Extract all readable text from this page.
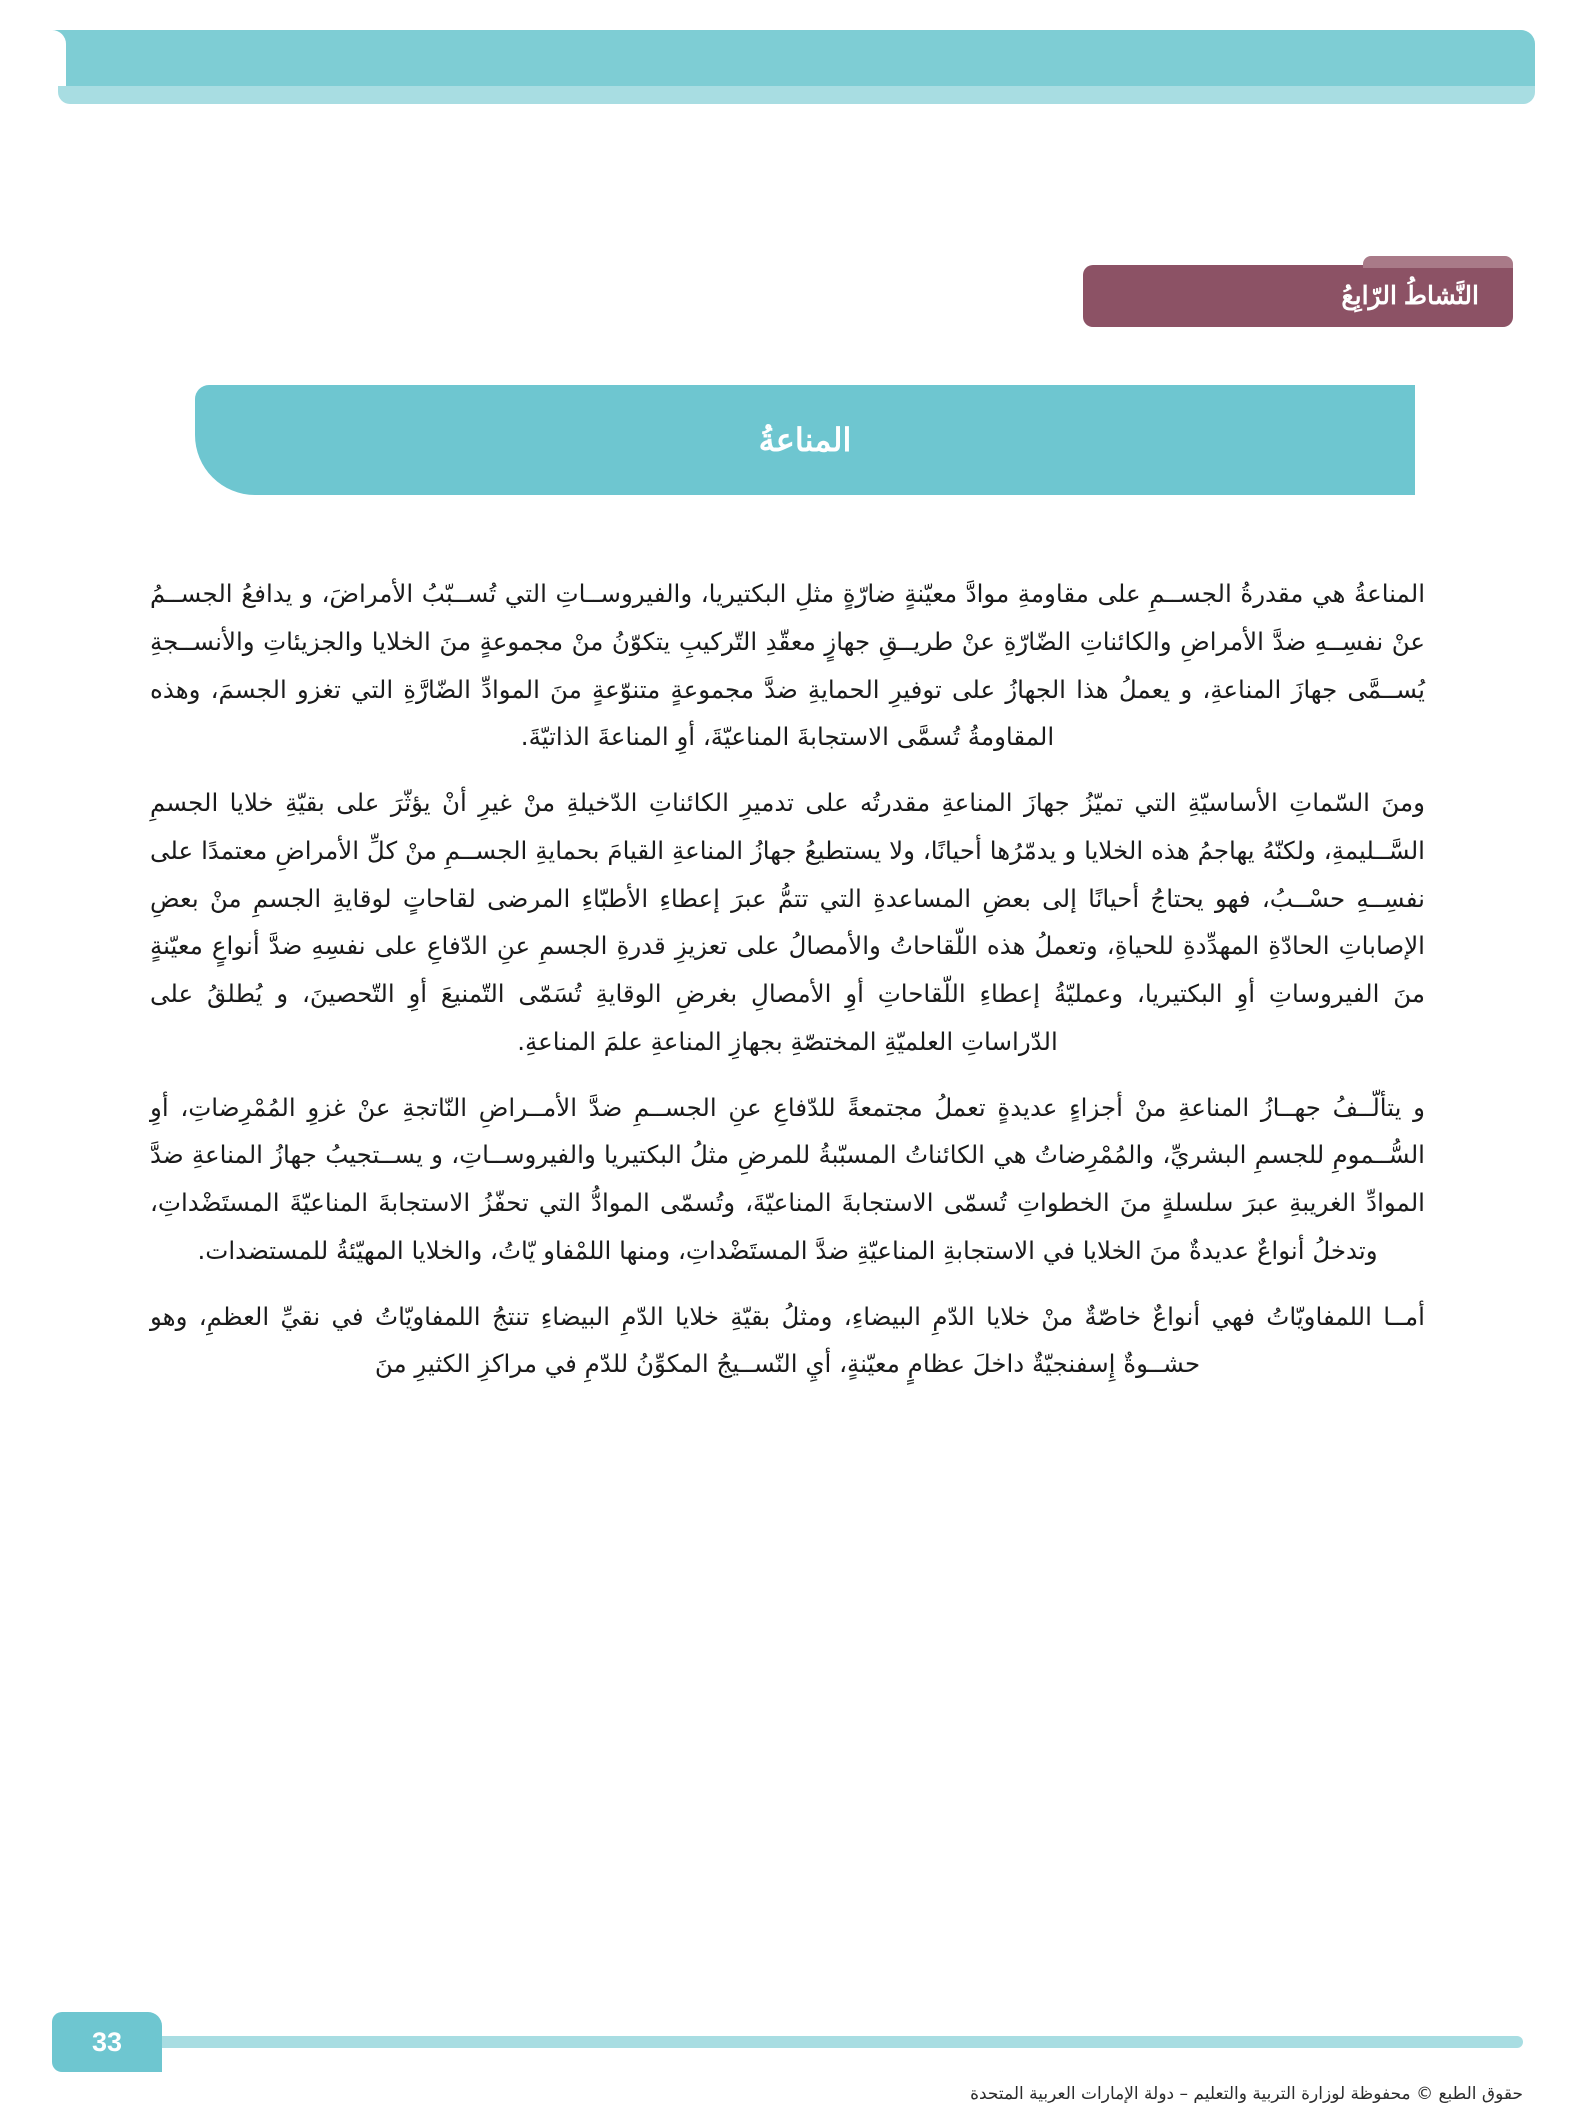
النَّشاطُ الرّابِعُ
المناعةُ

المناعةُ هي مقدرةُ الجســمِ على مقاومةِ موادَّ معيّنةٍ ضارّةٍ مثلِ البكتيريا، والفيروســاتِ التي تُســبّبُ الأمراضَ، و يدافعُ الجســمُ عنْ نفسِــهِ ضدَّ الأمراضِ والكائناتِ الضّارّةِ عنْ طريــقِ جهازٍ معقّدِ التّركيبِ يتكوّنُ منْ مجموعةٍ منَ الخلايا والجزيئاتِ والأنســجةِ يُســمَّى جهازَ المناعةِ، و يعملُ هذا الجهازُ على توفيرِ الحمايةِ ضدَّ مجموعةٍ متنوّعةٍ منَ الموادِّ الضّارَّةِ التي تغزو الجسمَ، وهذه المقاومةُ تُسمَّى الاستجابةَ المناعيّةَ، أوِ المناعةَ الذاتيّةَ.

ومنَ السّماتِ الأساسيّةِ التي تميّزُ جهازَ المناعةِ مقدرتُه على تدميرِ الكائناتِ الدّخيلةِ منْ غيرِ أنْ يؤثّرَ على بقيّةِ خلايا الجسمِ السَّــليمةِ، ولكنّهُ يهاجمُ هذه الخلايا و يدمّرُها أحيانًا، ولا يستطيعُ جهازُ المناعةِ القيامَ بحمايةِ الجســمِ منْ كلِّ الأمراضِ معتمدًا على نفسِــهِ حسْــبُ، فهو يحتاجُ أحيانًا إلى بعضِ المساعدةِ التي تتمُّ عبرَ إعطاءِ الأطبّاءِ المرضى لقاحاتٍ لوقايةِ الجسمِ منْ بعضِ الإصاباتِ الحادّةِ المهدِّدةِ للحياةِ، وتعملُ هذه اللّقاحاتُ والأمصالُ على تعزيزِ قدرةِ الجسمِ عنِ الدّفاعِ على نفسِهِ ضدَّ أنواعٍ معيّنةٍ منَ الفيروساتِ أوِ البكتيريا، وعمليّةُ إعطاءِ اللّقاحاتِ أوِ الأمصالِ بغرضِ الوقايةِ تُسَمّى التّمنيعَ أوِ التّحصينَ، و يُطلقُ على الدّراساتِ العلميّةِ المختصّةِ بجهازِ المناعةِ علمَ المناعةِ.

و يتألّــفُ جهــازُ المناعةِ منْ أجزاءٍ عديدةٍ تعملُ مجتمعةً للدّفاعِ عنِ الجســمِ ضدَّ الأمــراضِ النّاتجةِ عنْ غزوِ المُمْرِضاتِ، أوِ السُّــمومِ للجسمِ البشريِّ، والمُمْرِضاتُ هي الكائناتُ المسبّبةُ للمرضِ مثلُ البكتيريا والفيروســاتِ، و يســتجيبُ جهازُ المناعةِ ضدَّ الموادِّ الغريبةِ عبرَ سلسلةٍ منَ الخطواتِ تُسمّى الاستجابةَ المناعيّةَ، وتُسمّى الموادُّ التي تحفّزُ الاستجابةَ المناعيّةَ المستَضْداتِ، وتدخلُ أنواعٌ عديدةٌ منَ الخلايا في الاستجابةِ المناعيّةِ ضدَّ المستَضْداتِ، ومنها اللمْفاو يّاتُ، والخلايا المهيّئةُ للمستضدات.

أمــا اللمفاويّاتُ فهي أنواعٌ خاصّةٌ منْ خلايا الدّمِ البيضاءِ، ومثلُ بقيّةِ خلايا الدّمِ البيضاءِ تنتجُ اللمفاويّاتُ في نقيِّ العظمِ، وهو حشــوةٌ إِسفنجيّةٌ داخلَ عظامٍ معيّنةٍ، أيِ النّســيجُ المكوِّنُ للدّمِ في مراكزِ الكثيرِ منَ

33
حقوق الطبع © محفوظة لوزارة التربية والتعليم – دولة الإمارات العربية المتحدة
